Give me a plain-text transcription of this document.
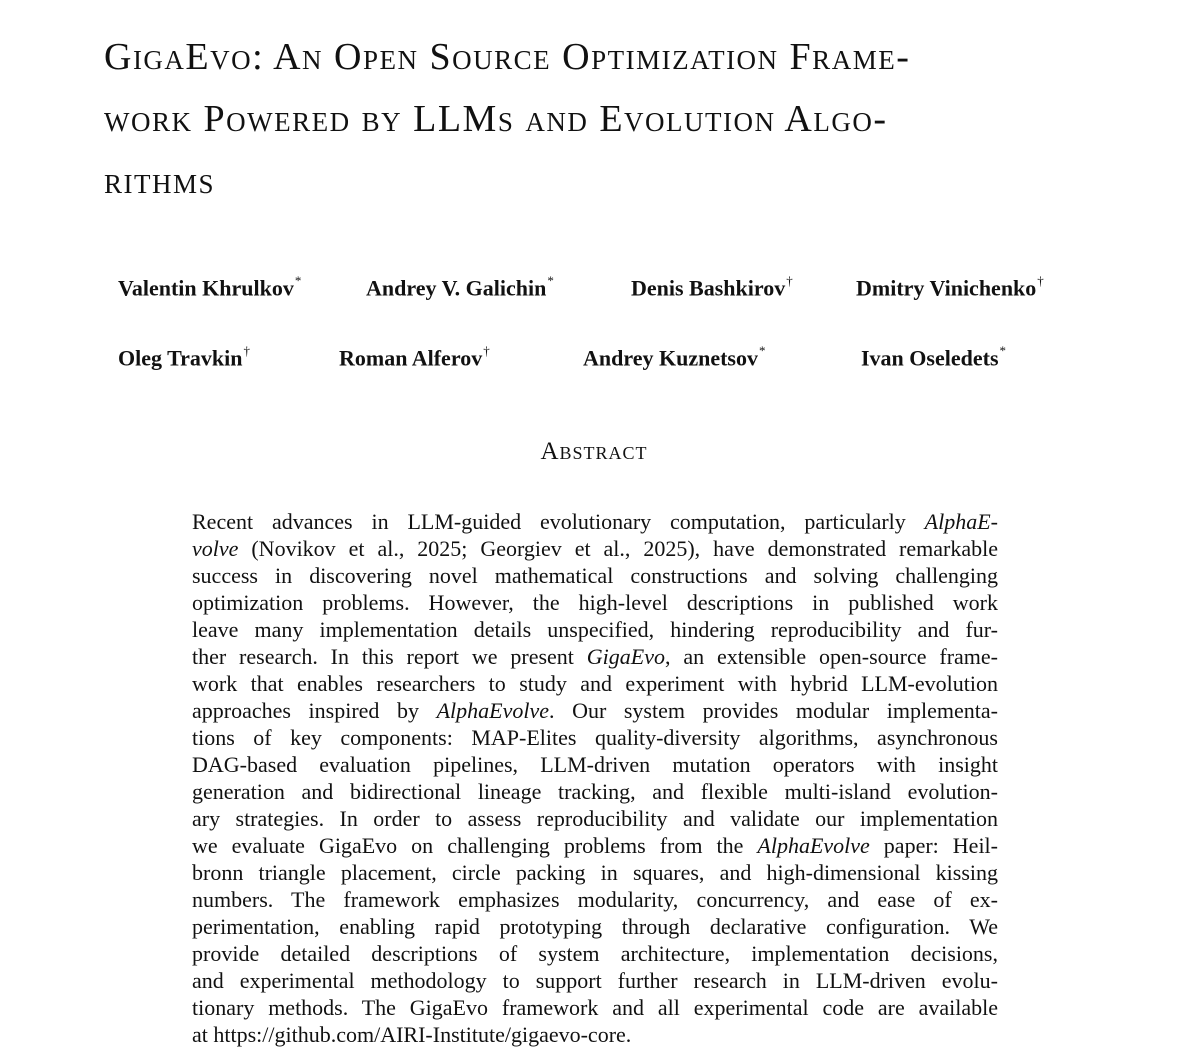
GigaEvo: An Open Source Optimization Frame-
work Powered by LLMs and Evolution Algo-
rithms
Valentin Khrulkov*	Andrey V. Galichin*	Denis Bashkirov†	Dmitry Vinichenko†
Oleg Travkin†	Roman Alferov†	Andrey Kuznetsov*	Ivan Oseledets*
Abstract
Recent advances in LLM-guided evolutionary computation, particularly AlphaE-
volve (Novikov et al., 2025; Georgiev et al., 2025), have demonstrated remarkable
success in discovering novel mathematical constructions and solving challenging
optimization problems. However, the high-level descriptions in published work
leave many implementation details unspecified, hindering reproducibility and fur-
ther research. In this report we present GigaEvo, an extensible open-source frame-
work that enables researchers to study and experiment with hybrid LLM-evolution
approaches inspired by AlphaEvolve. Our system provides modular implementa-
tions of key components: MAP-Elites quality-diversity algorithms, asynchronous
DAG-based evaluation pipelines, LLM-driven mutation operators with insight
generation and bidirectional lineage tracking, and flexible multi-island evolution-
ary strategies. In order to assess reproducibility and validate our implementation
we evaluate GigaEvo on challenging problems from the AlphaEvolve paper: Heil-
bronn triangle placement, circle packing in squares, and high-dimensional kissing
numbers. The framework emphasizes modularity, concurrency, and ease of ex-
perimentation, enabling rapid prototyping through declarative configuration. We
provide detailed descriptions of system architecture, implementation decisions,
and experimental methodology to support further research in LLM-driven evolu-
tionary methods. The GigaEvo framework and all experimental code are available
at https://github.com/AIRI-Institute/gigaevo-core.
